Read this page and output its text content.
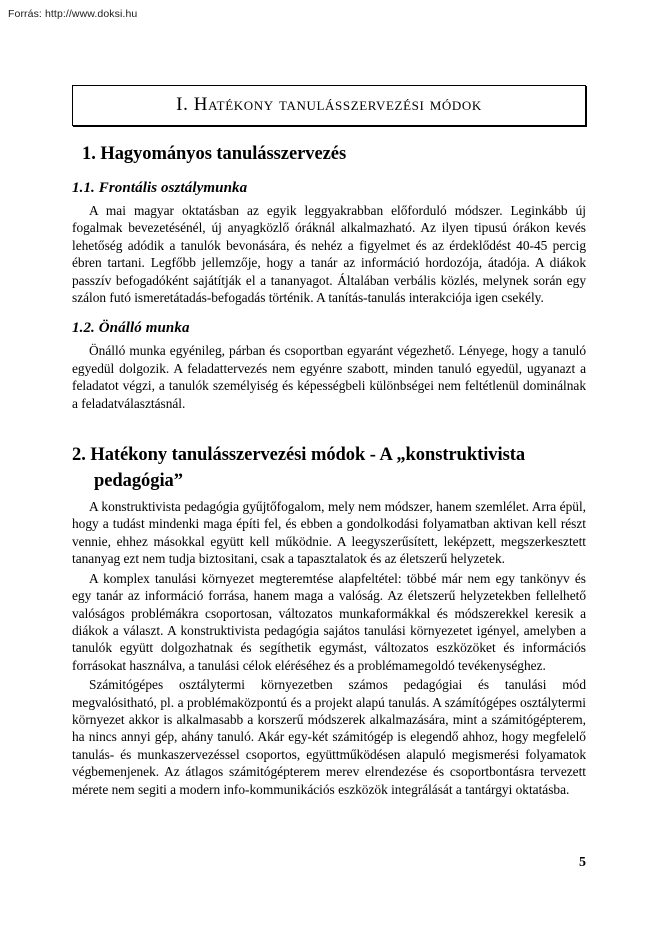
Forrás: http://www.doksi.hu
I. Hatékony tanulásszervezési módok
1. Hagyományos tanulásszervezés
1.1. Frontális osztálymunka

A mai magyar oktatásban az egyik leggyakrabban előforduló módszer. Leginkább új fogalmak bevezetésénél, új anyagközlő óráknál alkalmazható. Az ilyen tipusú órákon kevés lehetőség adódik a tanulók bevonására, és nehéz a figyelmet és az érdeklődést 40-45 percig ébren tartani. Legfőbb jellemzője, hogy a tanár az információ hordozója, átadója. A diákok passzív befogadóként sajátítják el a tananyagot. Általában verbális közlés, melynek során egy szálon futó ismeretátadás-befogadás történik. A tanítás-tanulás interakciója igen csekély.

1.2. Önálló munka

Önálló munka egyénileg, párban és csoportban egyaránt végezhető. Lényege, hogy a tanuló egyedül dolgozik. A feladattervezés nem egyénre szabott, minden tanuló egyedül, ugyanazt a feladatot végzi, a tanulók személyiség és képességbeli különbségei nem feltétlenül dominálnak a feladatválasztásnál.

2. Hatékony tanulásszervezési módok - A „konstruktivista pedagógia”

A konstruktivista pedagógia gyűjtőfogalom, mely nem módszer, hanem szemlélet. Arra épül, hogy a tudást mindenki maga építi fel, és ebben a gondolkodási folyamatban aktivan kell részt vennie, ehhez másokkal együtt kell működnie. A leegyszerűsített, leképzett, megszerkesztett tananyag ezt nem tudja biztositani, csak a tapasztalatok és az életszerű helyzetek.

A komplex tanulási környezet megteremtése alapfeltétel: többé már nem egy tankönyv és egy tanár az információ forrása, hanem maga a valóság. Az életszerű helyzetekben fellelhető valóságos problémákra csoportosan, változatos munkaformákkal és módszerekkel keresik a diákok a választ. A konstruktivista pedagógia sajátos tanulási környezetet igényel, amelyben a tanulók együtt dolgozhatnak és segíthetik egymást, változatos eszközöket és információs forrásokat használva, a tanulási célok eléréséhez és a problémamegoldó tevékenységhez.

Számitógépes osztálytermi környezetben számos pedagógiai és tanulási mód megvalósitható, pl. a problémaközpontú és a projekt alapú tanulás. A számítógépes osztálytermi környezet akkor is alkalmasabb a korszerű módszerek alkalmazására, mint a számitógépterem, ha nincs annyi gép, ahány tanuló. Akár egy-két számitógép is elegendő ahhoz, hogy megfelelő tanulás- és munkaszervezéssel csoportos, együttműködésen alapuló megismerési folyamatok végbemenjenek. Az átlagos számitógépterem merev elrendezése és csoportbontásra tervezett mérete nem segiti a modern info-kommunikációs eszközök integrálását a tantárgyi oktatásba.

5
